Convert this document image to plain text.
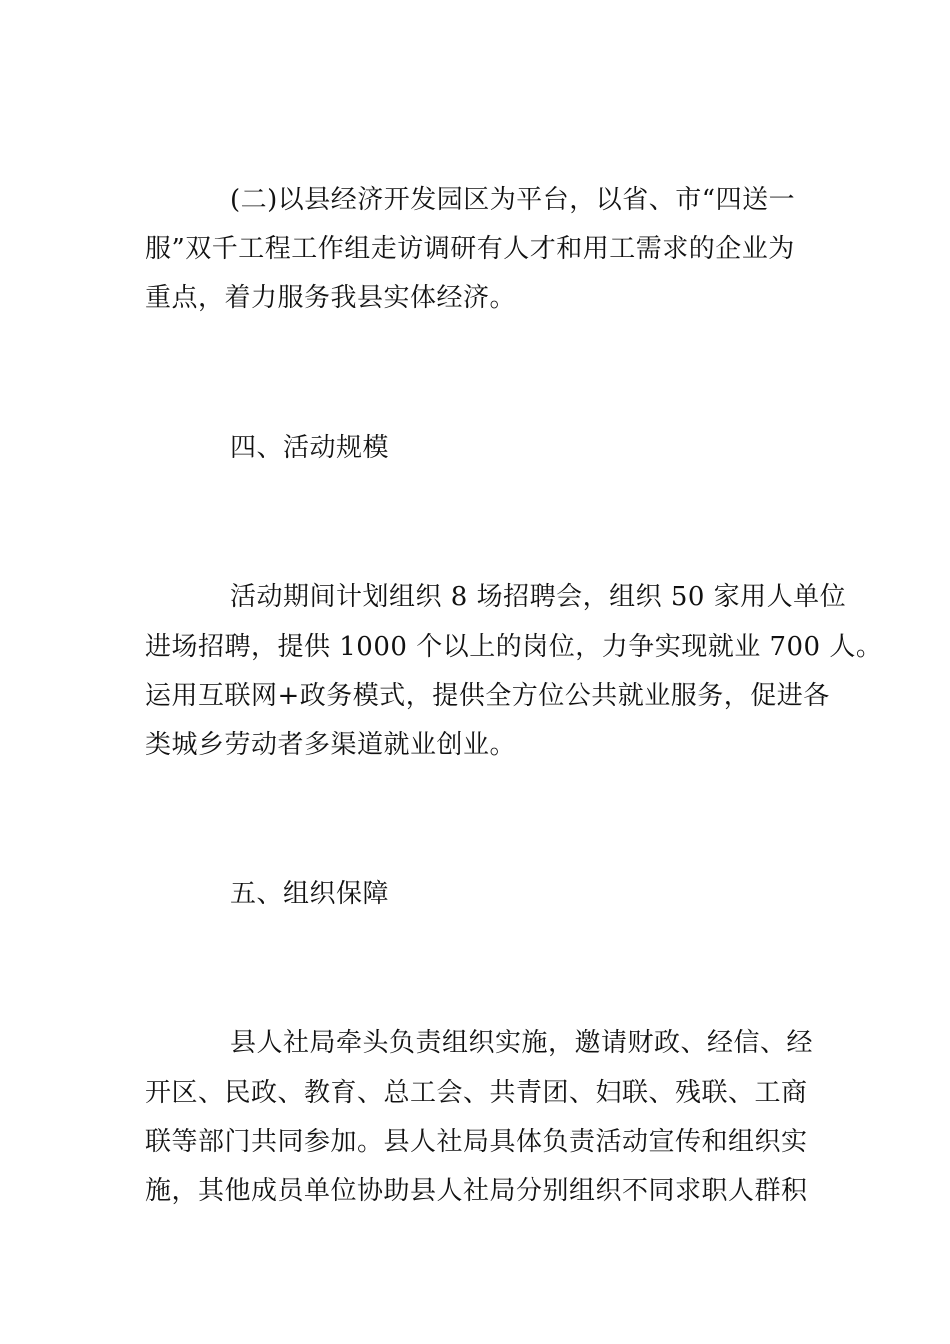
(二)以县经济开发园区为平台，以省、市“四送一
服”双千工程工作组走访调研有人才和用工需求的企业为
重点，着力服务我县实体经济。
四、活动规模
活动期间计划组织 8 场招聘会，组织 50 家用人单位
进场招聘，提供 1000 个以上的岗位，力争实现就业 700 人。
运用互联网+政务模式，提供全方位公共就业服务，促进各
类城乡劳动者多渠道就业创业。
五、组织保障
县人社局牵头负责组织实施，邀请财政、经信、经
开区、民政、教育、总工会、共青团、妇联、残联、工商
联等部门共同参加。县人社局具体负责活动宣传和组织实
施，其他成员单位协助县人社局分别组织不同求职人群积
